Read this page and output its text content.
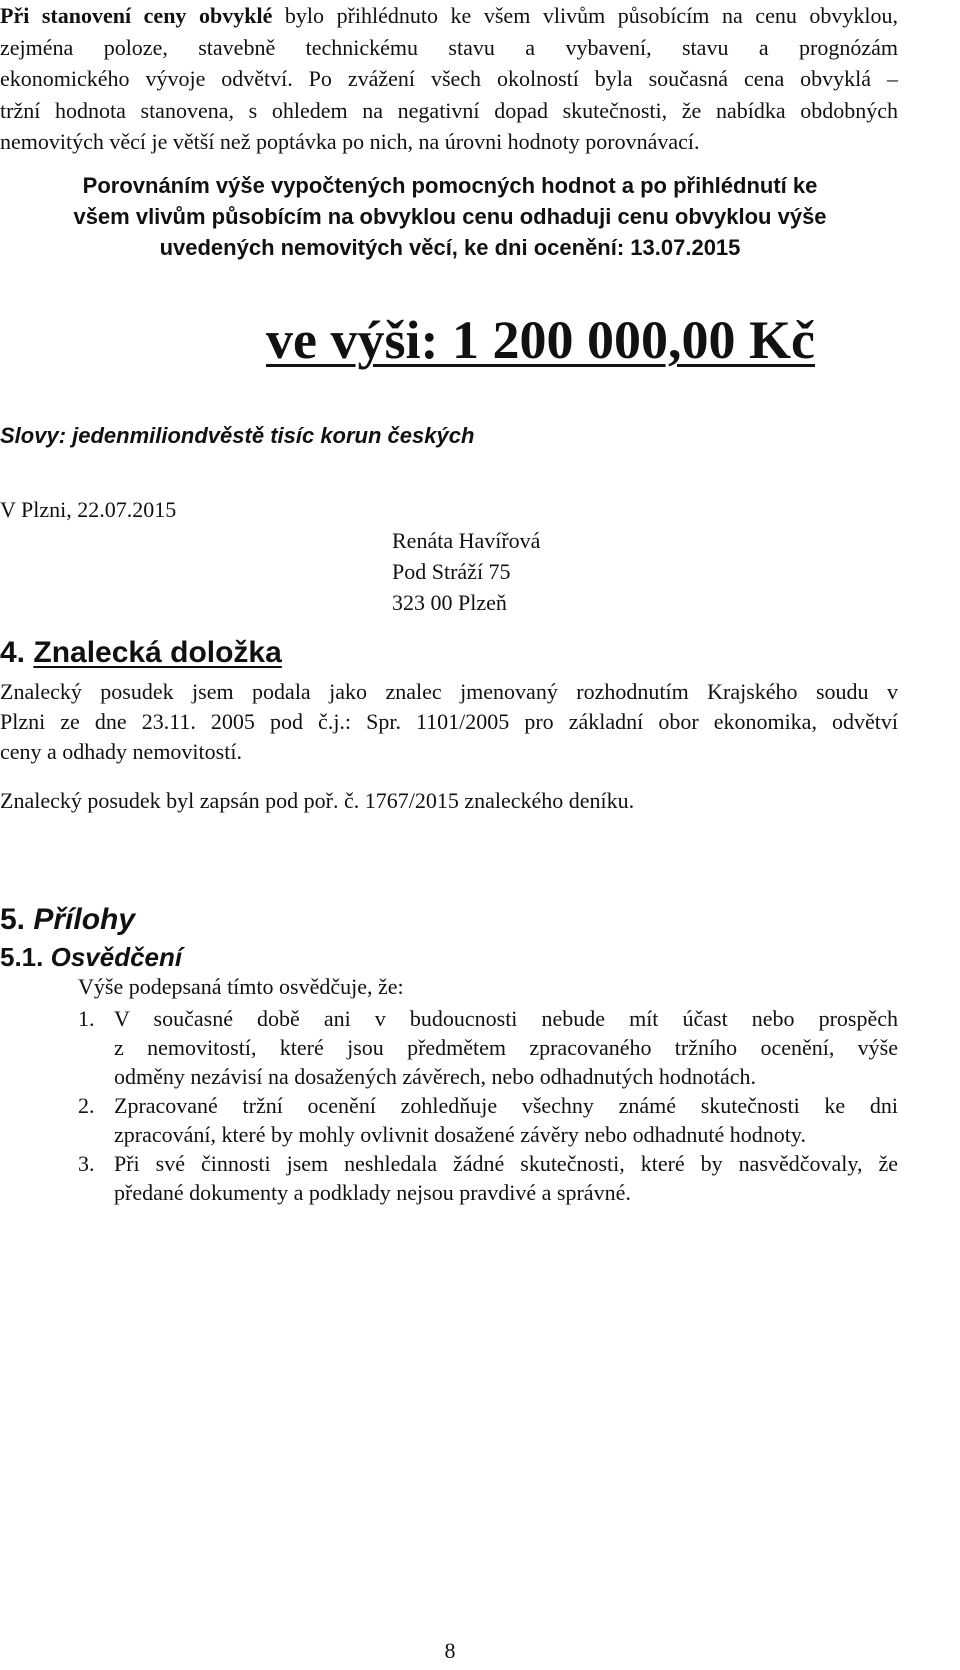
Při stanovení ceny obvyklé bylo přihlédnuto ke všem vlivům působícím na cenu obvyklou,
zejména poloze, stavebně technickému stavu a vybavení, stavu a prognózám
ekonomického vývoje odvětví. Po zvážení všech okolností byla současná cena obvyklá –
tržní hodnota stanovena, s ohledem na negativní dopad skutečnosti, že nabídka obdobných
nemovitých věcí je větší než poptávka po nich, na úrovni hodnoty porovnávací.
Porovnáním výše vypočtených pomocných hodnot a po přihlédnutí ke
všem vlivům působícím na obvyklou cenu odhaduji cenu obvyklou výše
uvedených nemovitých věcí, ke dni ocenění: 13.07.2015
ve výši: 1 200 000,00 Kč
Slovy: jedenmiliondvěstě tisíc korun českých
V Plzni, 22.07.2015
Renáta Havířová
Pod Stráží 75
323 00 Plzeň
4. Znalecká doložka
Znalecký posudek jsem podala jako znalec jmenovaný rozhodnutím Krajského soudu v
Plzni ze dne 23.11. 2005 pod č.j.: Spr. 1101/2005 pro základní obor ekonomika, odvětví
ceny a odhady nemovitostí.
Znalecký posudek byl zapsán pod poř. č. 1767/2015 znaleckého deníku.
5. Přílohy
5.1. Osvědčení
Výše podepsaná tímto osvědčuje, že:
1. V současné době ani v budoucnosti nebude mít účast nebo prospěch
z nemovitostí, které jsou předmětem zpracovaného tržního ocenění, výše
odměny nezávisí na dosažených závěrech, nebo odhadnutých hodnotách.
2. Zpracované tržní ocenění zohledňuje všechny známé skutečnosti ke dni
zpracování, které by mohly ovlivnit dosažené závěry nebo odhadnuté hodnoty.
3. Při své činnosti jsem neshledala žádné skutečnosti, které by nasvědčovaly, že
předané dokumenty a podklady nejsou pravdivé a správné.
8
